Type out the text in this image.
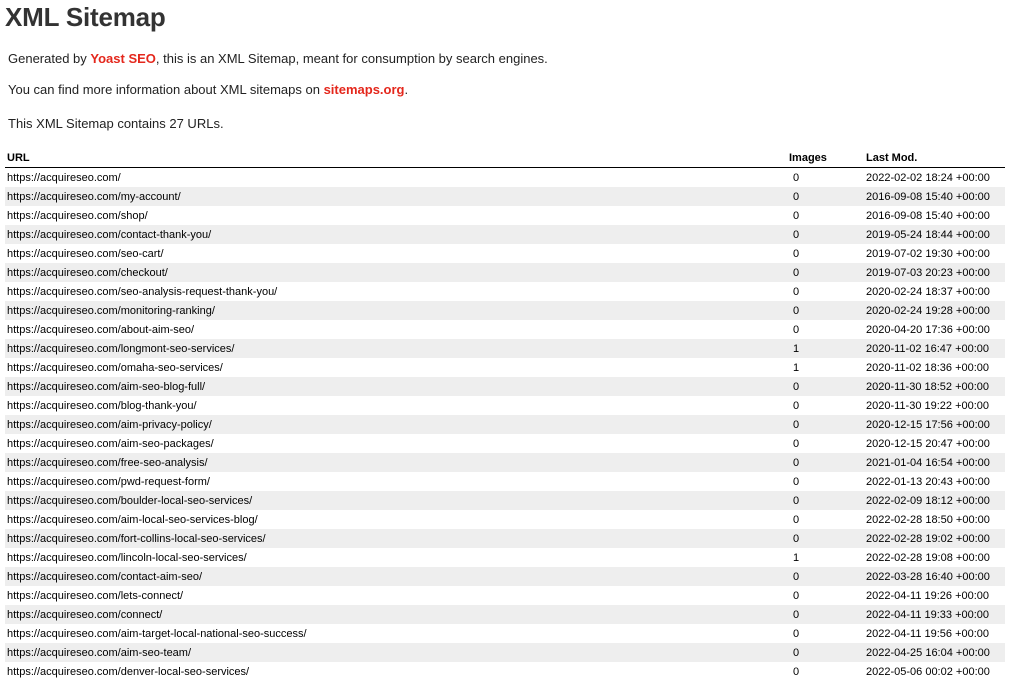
XML Sitemap

Generated by Yoast SEO, this is an XML Sitemap, meant for consumption by search engines.

You can find more information about XML sitemaps on sitemaps.org.

This XML Sitemap contains 27 URLs.

URL	Images	Last Mod.
https://acquireseo.com/	0	2022-02-02 18:24 +00:00
https://acquireseo.com/my-account/	0	2016-09-08 15:40 +00:00
https://acquireseo.com/shop/	0	2016-09-08 15:40 +00:00
https://acquireseo.com/contact-thank-you/	0	2019-05-24 18:44 +00:00
https://acquireseo.com/seo-cart/	0	2019-07-02 19:30 +00:00
https://acquireseo.com/checkout/	0	2019-07-03 20:23 +00:00
https://acquireseo.com/seo-analysis-request-thank-you/	0	2020-02-24 18:37 +00:00
https://acquireseo.com/monitoring-ranking/	0	2020-02-24 19:28 +00:00
https://acquireseo.com/about-aim-seo/	0	2020-04-20 17:36 +00:00
https://acquireseo.com/longmont-seo-services/	1	2020-11-02 16:47 +00:00
https://acquireseo.com/omaha-seo-services/	1	2020-11-02 18:36 +00:00
https://acquireseo.com/aim-seo-blog-full/	0	2020-11-30 18:52 +00:00
https://acquireseo.com/blog-thank-you/	0	2020-11-30 19:22 +00:00
https://acquireseo.com/aim-privacy-policy/	0	2020-12-15 17:56 +00:00
https://acquireseo.com/aim-seo-packages/	0	2020-12-15 20:47 +00:00
https://acquireseo.com/free-seo-analysis/	0	2021-01-04 16:54 +00:00
https://acquireseo.com/pwd-request-form/	0	2022-01-13 20:43 +00:00
https://acquireseo.com/boulder-local-seo-services/	0	2022-02-09 18:12 +00:00
https://acquireseo.com/aim-local-seo-services-blog/	0	2022-02-28 18:50 +00:00
https://acquireseo.com/fort-collins-local-seo-services/	0	2022-02-28 19:02 +00:00
https://acquireseo.com/lincoln-local-seo-services/	1	2022-02-28 19:08 +00:00
https://acquireseo.com/contact-aim-seo/	0	2022-03-28 16:40 +00:00
https://acquireseo.com/lets-connect/	0	2022-04-11 19:26 +00:00
https://acquireseo.com/connect/	0	2022-04-11 19:33 +00:00
https://acquireseo.com/aim-target-local-national-seo-success/	0	2022-04-11 19:56 +00:00
https://acquireseo.com/aim-seo-team/	0	2022-04-25 16:04 +00:00
https://acquireseo.com/denver-local-seo-services/	0	2022-05-06 00:02 +00:00
